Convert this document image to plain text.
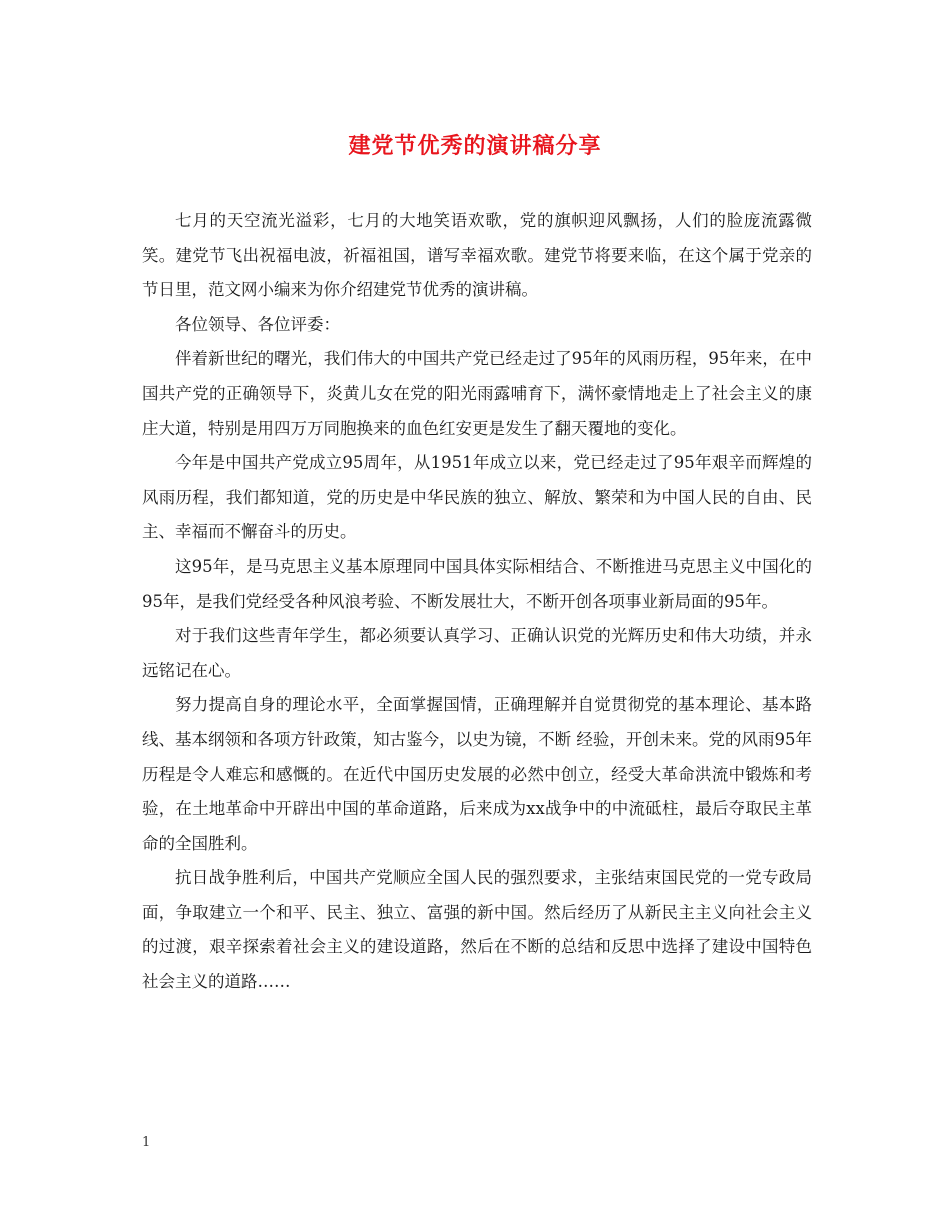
建党节优秀的演讲稿分享

七月的天空流光溢彩，七月的大地笑语欢歌，党的旗帜迎风飘扬，人们的脸庞流露微笑。建党节飞出祝福电波，祈福祖国，谱写幸福欢歌。建党节将要来临，在这个属于党亲的节日里，范文网小编来为你介绍建党节优秀的演讲稿。

各位领导、各位评委：

伴着新世纪的曙光，我们伟大的中国共产党已经走过了95年的风雨历程，95年来，在中国共产党的正确领导下，炎黄儿女在党的阳光雨露哺育下，满怀豪情地走上了社会主义的康庄大道，特别是用四万万同胞换来的血色红安更是发生了翻天覆地的变化。

今年是中国共产党成立95周年，从1951年成立以来，党已经走过了95年艰辛而辉煌的风雨历程，我们都知道，党的历史是中华民族的独立、解放、繁荣和为中国人民的自由、民主、幸福而不懈奋斗的历史。

这95年，是马克思主义基本原理同中国具体实际相结合、不断推进马克思主义中国化的95年，是我们党经受各种风浪考验、不断发展壮大，不断开创各项事业新局面的95年。

对于我们这些青年学生，都必须要认真学习、正确认识党的光辉历史和伟大功绩，并永远铭记在心。

努力提高自身的理论水平，全面掌握国情，正确理解并自觉贯彻党的基本理论、基本路线、基本纲领和各项方针政策，知古鉴今，以史为镜，不断 经验，开创未来。党的风雨95年历程是令人难忘和感慨的。在近代中国历史发展的必然中创立，经受大革命洪流中锻炼和考验，在土地革命中开辟出中国的革命道路，后来成为xx战争中的中流砥柱，最后夺取民主革命的全国胜利。

抗日战争胜利后，中国共产党顺应全国人民的强烈要求，主张结束国民党的一党专政局面，争取建立一个和平、民主、独立、富强的新中国。然后经历了从新民主主义向社会主义的过渡，艰辛探索着社会主义的建设道路，然后在不断的总结和反思中选择了建设中国特色社会主义的道路……

1
